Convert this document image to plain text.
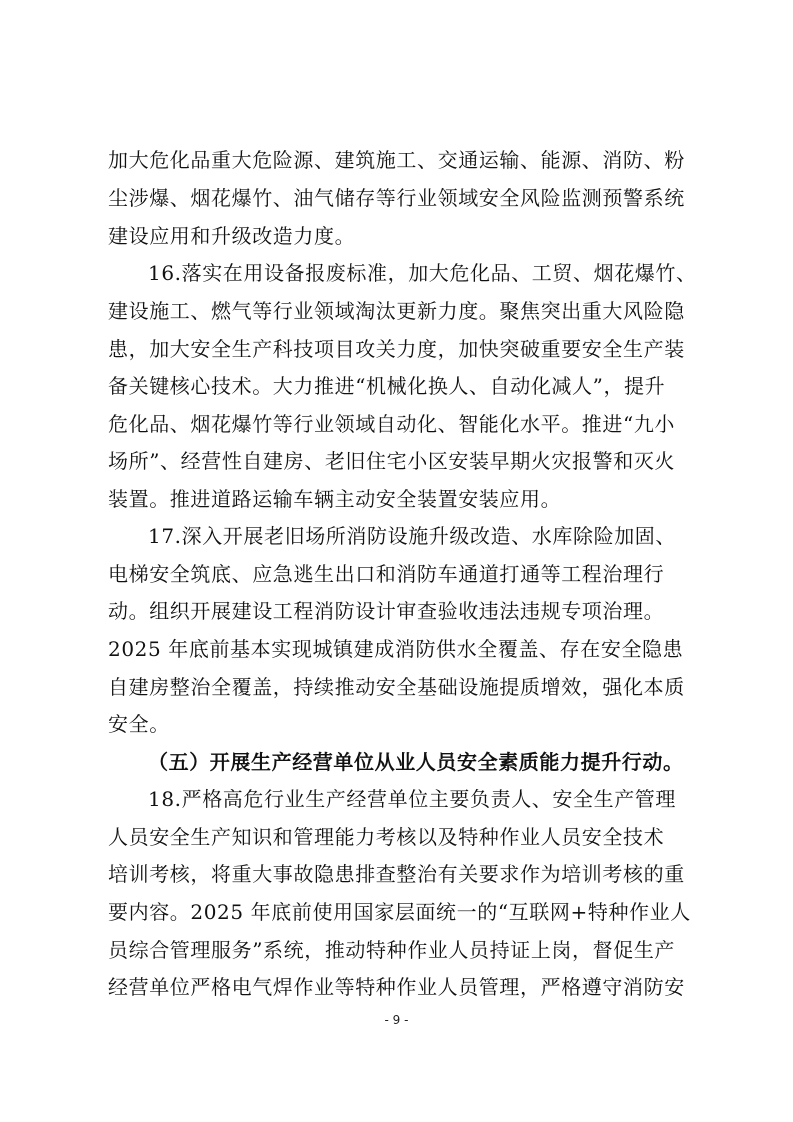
加大危化品重大危险源、建筑施工、交通运输、能源、消防、粉
尘涉爆、烟花爆竹、油气储存等行业领域安全风险监测预警系统
建设应用和升级改造力度。
16.落实在用设备报废标准，加大危化品、工贸、烟花爆竹、
建设施工、燃气等行业领域淘汰更新力度。聚焦突出重大风险隐
患，加大安全生产科技项目攻关力度，加快突破重要安全生产装
备关键核心技术。大力推进“机械化换人、自动化减人”，提升
危化品、烟花爆竹等行业领域自动化、智能化水平。推进“九小
场所”、经营性自建房、老旧住宅小区安装早期火灾报警和灭火
装置。推进道路运输车辆主动安全装置安装应用。
17.深入开展老旧场所消防设施升级改造、水库除险加固、
电梯安全筑底、应急逃生出口和消防车通道打通等工程治理行
动。组织开展建设工程消防设计审查验收违法违规专项治理。
2025 年底前基本实现城镇建成消防供水全覆盖、存在安全隐患
自建房整治全覆盖，持续推动安全基础设施提质增效，强化本质
安全。
（五）开展生产经营单位从业人员安全素质能力提升行动。
18.严格高危行业生产经营单位主要负责人、安全生产管理
人员安全生产知识和管理能力考核以及特种作业人员安全技术
培训考核，将重大事故隐患排查整治有关要求作为培训考核的重
要内容。2025 年底前使用国家层面统一的“互联网+特种作业人
员综合管理服务”系统，推动特种作业人员持证上岗，督促生产
经营单位严格电气焊作业等特种作业人员管理，严格遵守消防安
- 9 -
